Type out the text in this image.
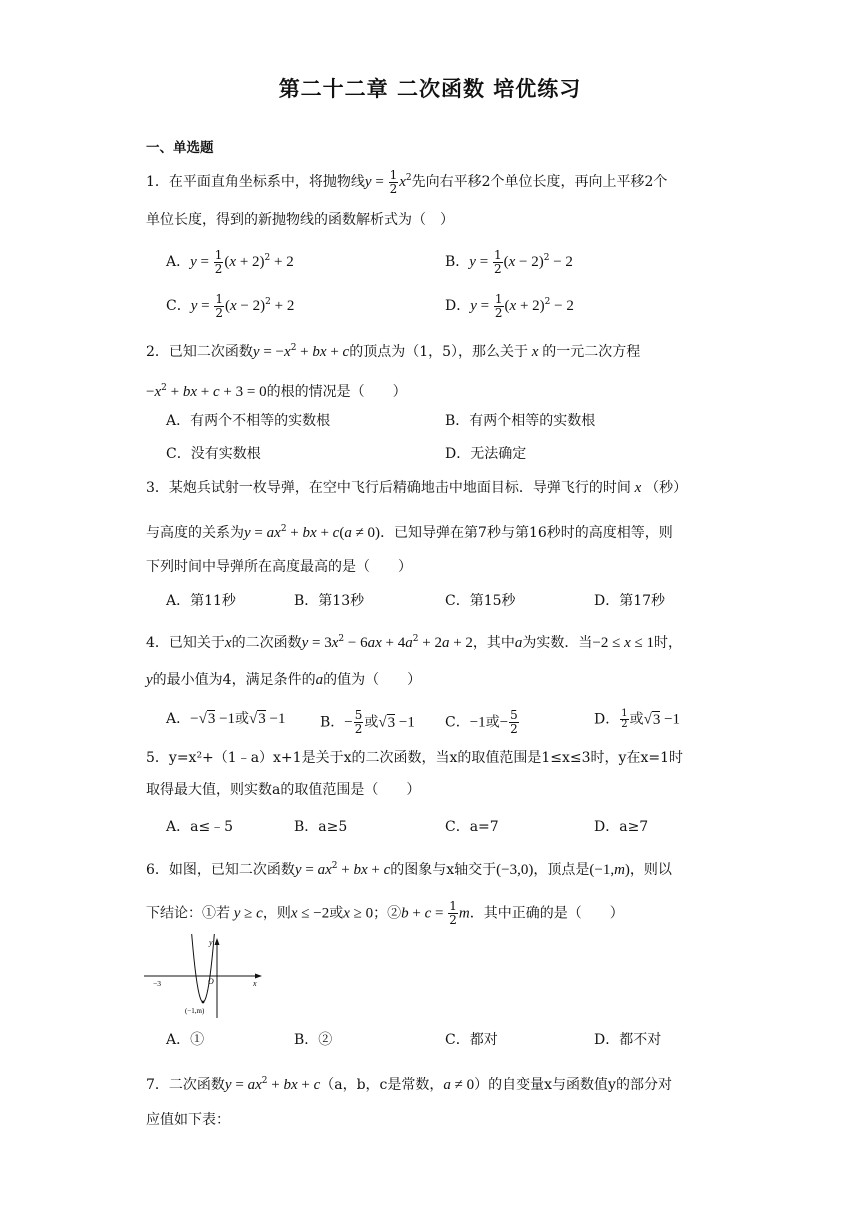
第二十二章 二次函数 培优练习
一、单选题
1．在平面直角坐标系中，将抛物线$y = \frac{1}{2} x^2$先向右平移2个单位长度，再向上平移2个
单位长度，得到的新抛物线的函数解析式为（　）
A．$y = \frac{1}{2} (x + 2)^2 + 2$	B．$y = \frac{1}{2} (x - 2)^2 - 2$
C．$y = \frac{1}{2} (x - 2)^2 + 2$	D．$y = \frac{1}{2} (x + 2)^2 - 2$
2．已知二次函数$y = -x^2$ + bx + c的顶点为（1，5），那么关于 x 的一元二次方程
$-x^2$ + bx + c + 3 = 0的根的情况是（　　）
A．有两个不相等的实数根	B．有两个相等的实数根
C．没有实数根	D．无法确定
3．某炮兵试射一枚导弹，在空中飞行后精确地击中地面目标．导弹飞行的时间 x （秒）
与高度的关系为$y = ax^2$ + bx + c(a ≠ 0)．已知导弹在第7秒与第16秒时的高度相等，则
下列时间中导弹所在高度最高的是（　　）
A．第11秒	B．第13秒	C．第15秒	D．第17秒
4．已知关于x的二次函数$y = 3x^2 - 6ax + 4a^2 + 2a + 2$，其中a为实数．当−2 ≤ x ≤ 1时，
y的最小值为4，满足条件的a的值为（　　）
A．−√3 −1或√3 −1 B．− $\frac{5}{2}$ 或√3 −1 C．−1或− $\frac{5}{2}$	D． $\frac{1}{2}$ 或√3 −1
5．y=x²+（1﹣a）x+1是关于x的二次函数，当x的取值范围是1≤x≤3时，y在x=1时
取得最大值，则实数a的取值范围是（　　）
A．a≤﹣5	B．a≥5	C．a=7	D．a≥7
6．如图，已知二次函数$y = ax^2$ + bx + c的图象与x轴交于(−3,0)，顶点是(−1,m)，则以
下结论：①若 y ≥ c，则x ≤ −2或x ≥ 0；②b + $c = \frac{1}{2}$ m．其中正确的是（　　）
y
x
O
−3
(−1,m)
A．①	B．②	C．都对	D．都不对
7．二次函数$y = ax^2$ + bx + c（a，b，c是常数，a ≠ 0）的自变量x与函数值y的部分对
应值如下表：
